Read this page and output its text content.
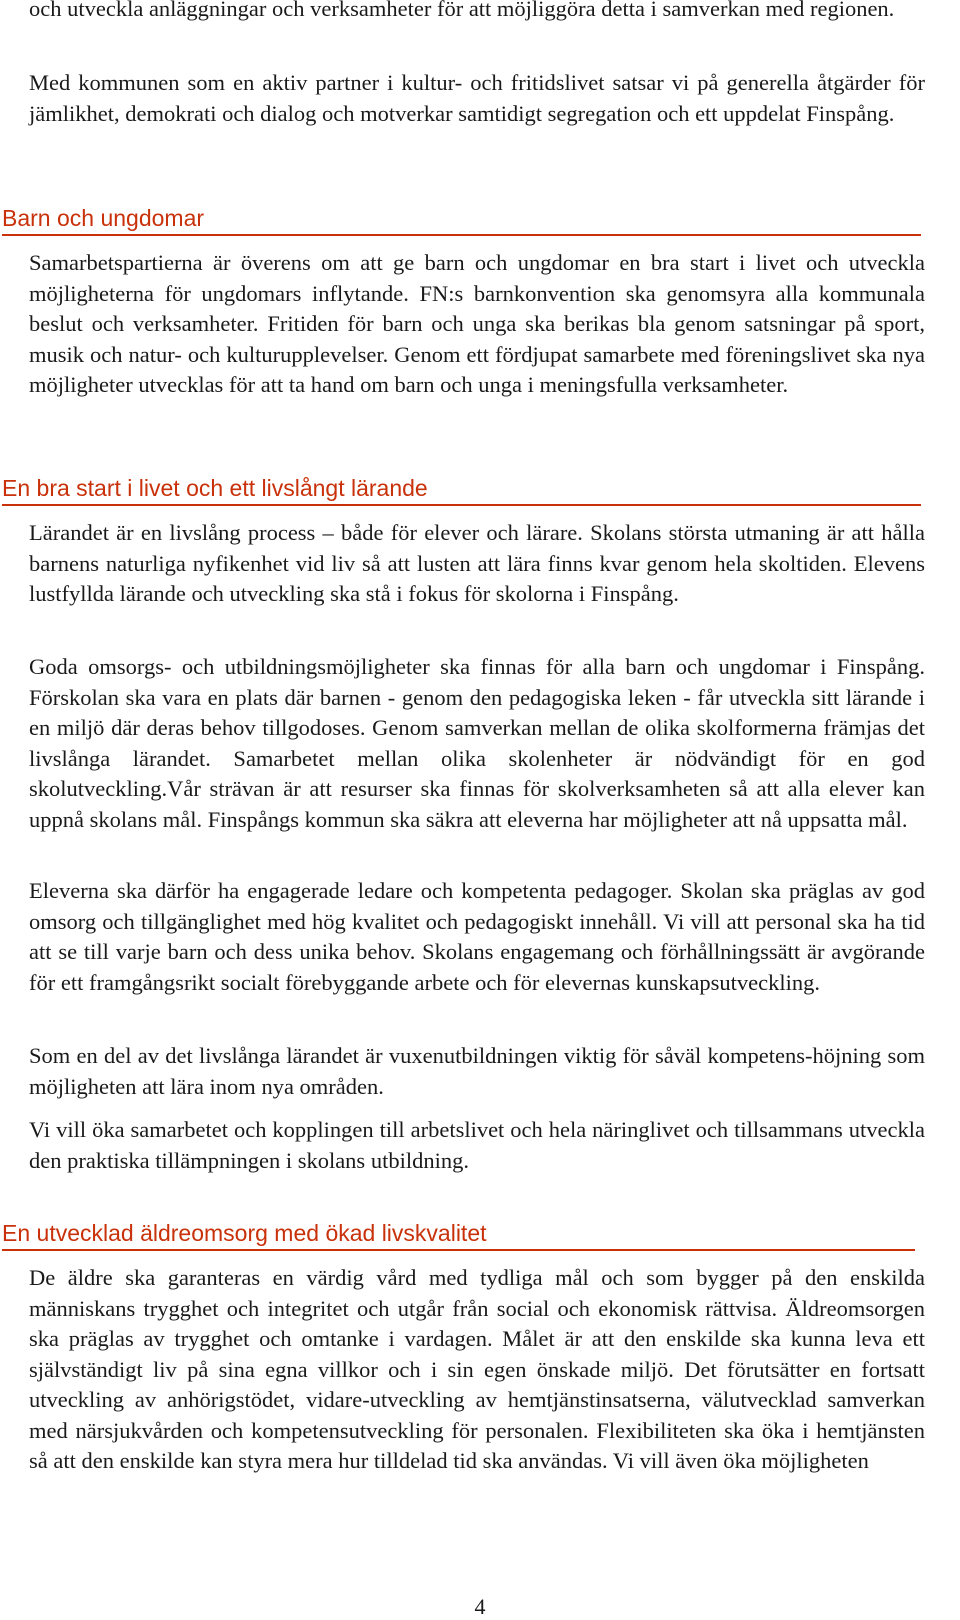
och utveckla anläggningar och verksamheter för att möjliggöra detta i samverkan med regionen.

Med kommunen som en aktiv partner i kultur- och fritidslivet satsar vi på generella åtgärder för jämlikhet, demokrati och dialog och motverkar samtidigt segregation och ett uppdelat Finspång.

Barn och ungdomar

Samarbetspartierna är överens om att ge barn och ungdomar en bra start i livet och utveckla möjligheterna för ungdomars inflytande. FN:s barnkonvention ska genomsyra alla kommunala beslut och verksamheter. Fritiden för barn och unga ska berikas bla genom satsningar på sport, musik och natur- och kulturupplevelser. Genom ett fördjupat samarbete med föreningslivet ska nya möjligheter utvecklas för att ta hand om barn och unga i meningsfulla verksamheter.

En bra start i livet och ett livslångt lärande

Lärandet är en livslång process – både för elever och lärare. Skolans största utmaning är att hålla barnens naturliga nyfikenhet vid liv så att lusten att lära finns kvar genom hela skoltiden. Elevens lustfyllda lärande och utveckling ska stå i fokus för skolorna i Finspång.

Goda omsorgs- och utbildningsmöjligheter ska finnas för alla barn och ungdomar i Finspång. Förskolan ska vara en plats där barnen - genom den pedagogiska leken - får utveckla sitt lärande i en miljö där deras behov tillgodoses. Genom samverkan mellan de olika skolformerna främjas det livslånga lärandet. Samarbetet mellan olika skolenheter är nödvändigt för en god skolutveckling.Vår strävan är att resurser ska finnas för skolverksamheten så att alla elever kan uppnå skolans mål. Finspångs kommun ska säkra att eleverna har möjligheter att nå uppsatta mål.

Eleverna ska därför ha engagerade ledare och kompetenta pedagoger. Skolan ska präglas av god omsorg och tillgänglighet med hög kvalitet och pedagogiskt innehåll. Vi vill att personal ska ha tid att se till varje barn och dess unika behov. Skolans engagemang och förhållningssätt är avgörande för ett framgångsrikt socialt förebyggande arbete och för elevernas kunskapsutveckling.

Som en del av det livslånga lärandet är vuxenutbildningen viktig för såväl kompetens-höjning som möjligheten att lära inom nya områden.

Vi vill öka samarbetet och kopplingen till arbetslivet och hela näringlivet och tillsammans utveckla den praktiska tillämpningen i skolans utbildning.

En utvecklad äldreomsorg med ökad livskvalitet

De äldre ska garanteras en värdig vård med tydliga mål och som bygger på den enskilda människans trygghet och integritet och utgår från social och ekonomisk rättvisa. Äldreomsorgen ska präglas av trygghet och omtanke i vardagen. Målet är att den enskilde ska kunna leva ett självständigt liv på sina egna villkor och i sin egen önskade miljö. Det förutsätter en fortsatt utveckling av anhörigstödet, vidare-utveckling av hemtjänstinsatserna, välutvecklad samverkan med närsjukvården och kompetensutveckling för personalen. Flexibiliteten ska öka i hemtjänsten så att den enskilde kan styra mera hur tilldelad tid ska användas. Vi vill även öka möjligheten

4
